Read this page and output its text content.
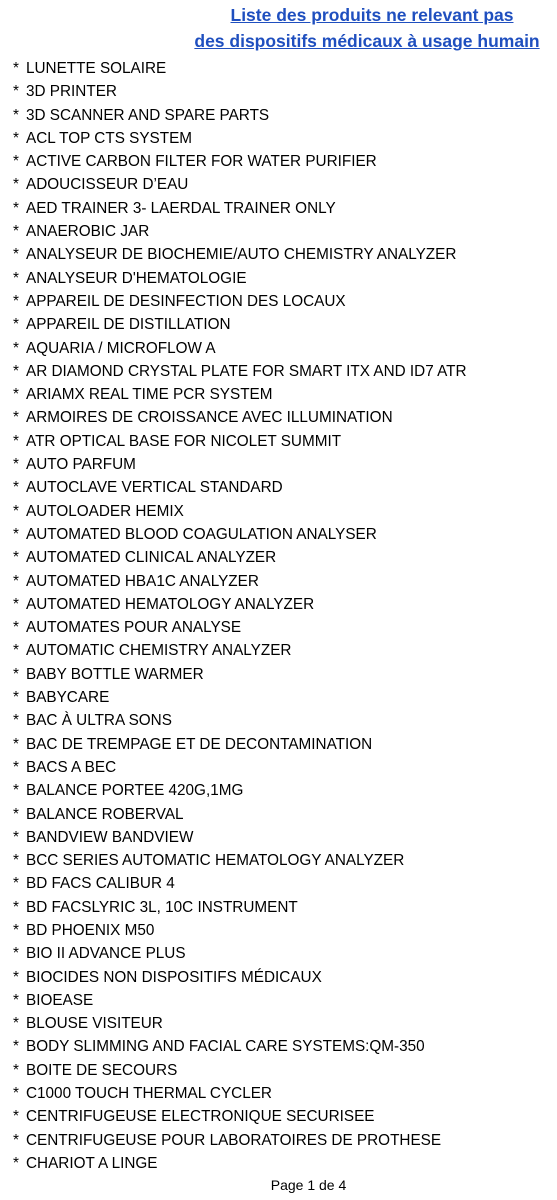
Liste des produits ne relevant pas
des dispositifs médicaux à usage humain
* LUNETTE SOLAIRE
* 3D PRINTER
* 3D SCANNER AND SPARE PARTS
* ACL TOP CTS SYSTEM
* ACTIVE CARBON FILTER FOR WATER PURIFIER
* ADOUCISSEUR D’EAU
* AED TRAINER 3- LAERDAL TRAINER ONLY
* ANAEROBIC JAR
* ANALYSEUR DE BIOCHEMIE/AUTO CHEMISTRY ANALYZER
* ANALYSEUR D'HEMATOLOGIE
* APPAREIL DE DESINFECTION DES LOCAUX
* APPAREIL DE DISTILLATION
* AQUARIA / MICROFLOW A
* AR DIAMOND CRYSTAL PLATE FOR SMART ITX AND ID7 ATR
* ARIAMX REAL TIME PCR SYSTEM
* ARMOIRES DE CROISSANCE AVEC ILLUMINATION
* ATR OPTICAL BASE FOR NICOLET SUMMIT
* AUTO PARFUM
* AUTOCLAVE VERTICAL STANDARD
* AUTOLOADER HEMIX
* AUTOMATED BLOOD COAGULATION ANALYSER
* AUTOMATED CLINICAL ANALYZER
* AUTOMATED HBA1C ANALYZER
* AUTOMATED HEMATOLOGY ANALYZER
* AUTOMATES POUR ANALYSE
* AUTOMATIC CHEMISTRY ANALYZER
* BABY BOTTLE WARMER
* BABYCARE
* BAC À ULTRA SONS
* BAC DE TREMPAGE ET DE DECONTAMINATION
* BACS A BEC
* BALANCE PORTEE 420G,1MG
* BALANCE ROBERVAL
* BANDVIEW BANDVIEW
* BCC SERIES AUTOMATIC HEMATOLOGY ANALYZER
* BD FACS CALIBUR 4
* BD FACSLYRIC 3L, 10C INSTRUMENT
* BD PHOENIX M50
* BIO II ADVANCE PLUS
* BIOCIDES NON DISPOSITIFS MÉDICAUX
* BIOEASE
* BLOUSE VISITEUR
* BODY SLIMMING AND FACIAL CARE SYSTEMS:QM-350
* BOITE DE SECOURS
* C1000 TOUCH THERMAL CYCLER
* CENTRIFUGEUSE ELECTRONIQUE SECURISEE
* CENTRIFUGEUSE POUR LABORATOIRES DE PROTHESE
* CHARIOT A LINGE
Page 1 de 4
